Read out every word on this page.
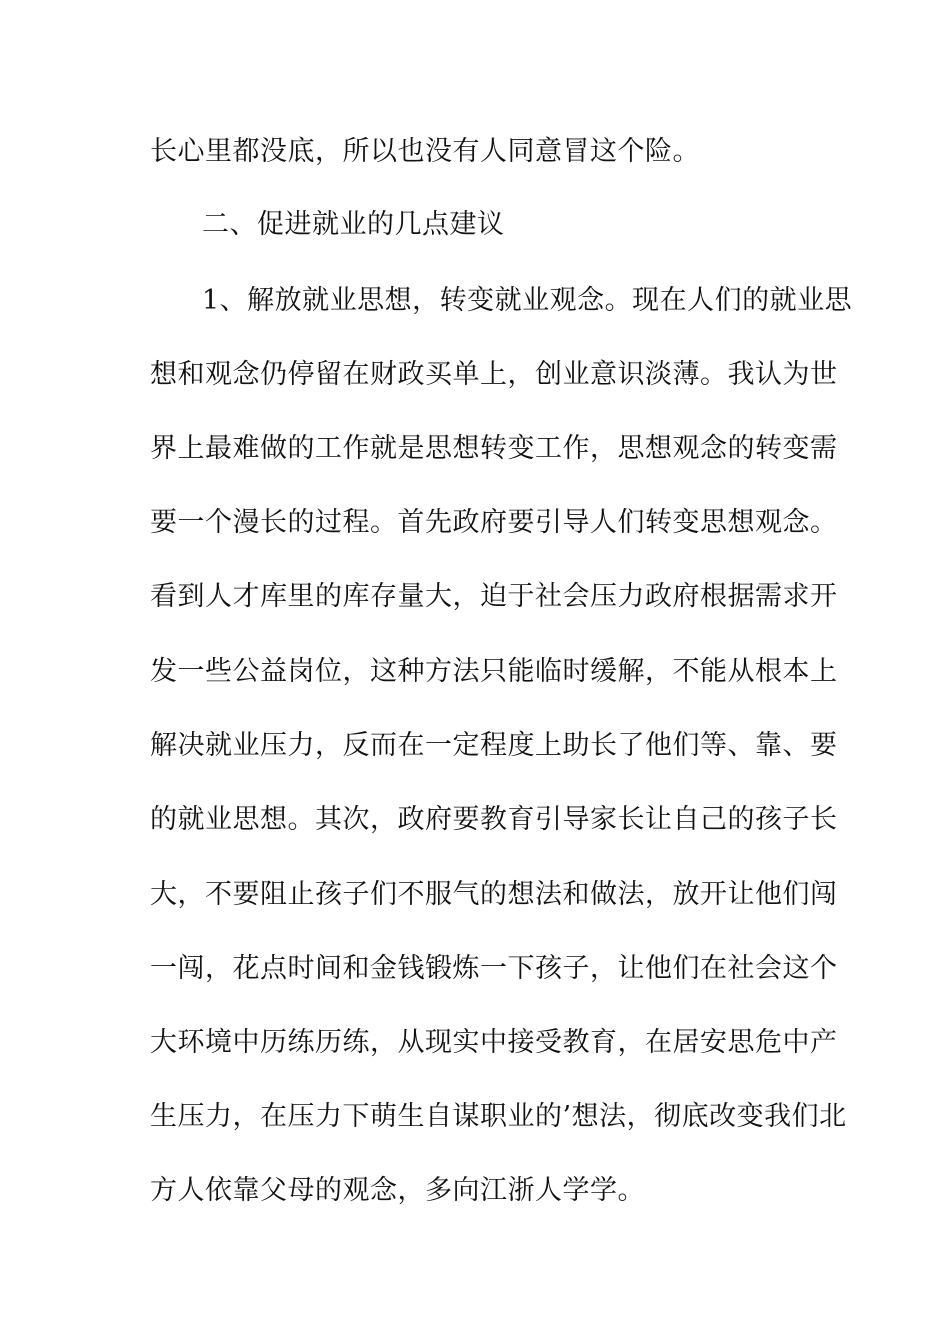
长心里都没底，所以也没有人同意冒这个险。
二、促进就业的几点建议
1、解放就业思想，转变就业观念。现在人们的就业思
想和观念仍停留在财政买单上，创业意识淡薄。我认为世
界上最难做的工作就是思想转变工作，思想观念的转变需
要一个漫长的过程。首先政府要引导人们转变思想观念。
看到人才库里的库存量大，迫于社会压力政府根据需求开
发一些公益岗位，这种方法只能临时缓解，不能从根本上
解决就业压力，反而在一定程度上助长了他们等、靠、要
的就业思想。其次，政府要教育引导家长让自己的孩子长
大，不要阻止孩子们不服气的想法和做法，放开让他们闯
一闯，花点时间和金钱锻炼一下孩子，让他们在社会这个
大环境中历练历练，从现实中接受教育，在居安思危中产
生压力，在压力下萌生自谋职业的’想法，彻底改变我们北
方人依靠父母的观念，多向江浙人学学。
